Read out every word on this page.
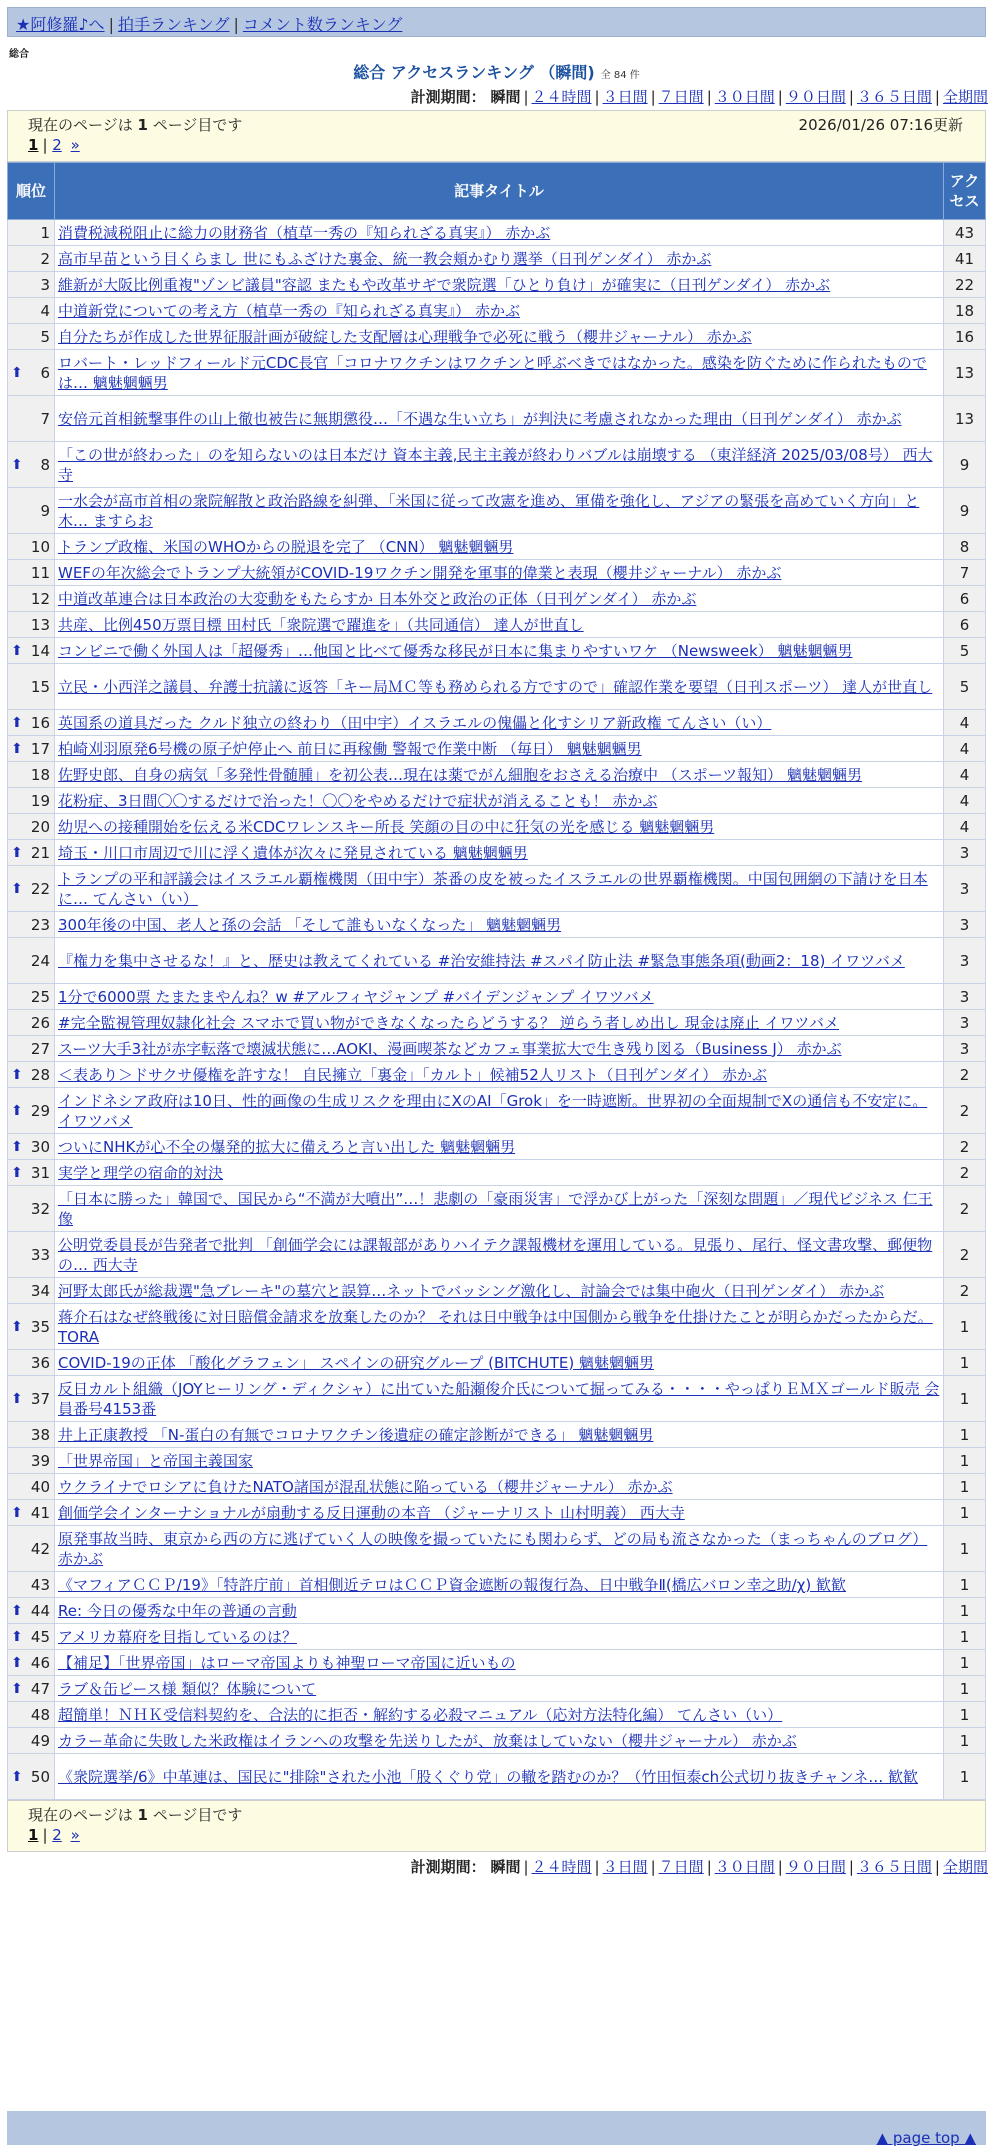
★阿修羅♪へ | 拍手ランキング | コメント数ランキング
総合
総合 アクセスランキング （瞬間) 全 84 件
計測期間： 瞬間 | ２４時間 | ３日間 | ７日間 | ３０日間 | ９０日間 | ３６５日間 | 全期間
現在のページは 1 ページ目です	2026/01/26 07:16更新
1 | 2 »
順位	記事タイトル	アクセス
1	消費税減税阻止に総力の財務省（植草一秀の『知られざる真実』） 赤かぶ	43
2	高市早苗という目くらまし 世にもふざけた裏金、統一教会頬かむり選挙（日刊ゲンダイ） 赤かぶ	41
3	維新が大阪比例重複"ゾンビ議員"容認 またもや改革サギで衆院選「ひとり負け」が確実に（日刊ゲンダイ） 赤かぶ	22
4	中道新党についての考え方（植草一秀の『知られざる真実』） 赤かぶ	18
5	自分たちが作成した世界征服計画が破綻した支配層は心理戦争で必死に戦う（櫻井ジャーナル） 赤かぶ	16

⬆ 6	ロバート・レッドフィールド元CDC長官「コロナワクチンはワクチンと呼ぶべきではなかった。感染を防ぐために作られたものでは… 魑魅魍魎男	13
7	安倍元首相銃撃事件の山上徹也被告に無期懲役…「不遇な生い立ち」が判決に考慮されなかった理由（日刊ゲンダイ） 赤かぶ	13

⬆ 8	「この世が終わった」のを知らないのは日本だけ 資本主義,民主主義が終わりバブルは崩壊する （東洋経済 2025/03/08号） 西大寺	9
9	一水会が高市首相の衆院解散と政治路線を糾弾、「米国に従って改憲を進め、軍備を強化し、アジアの緊張を高めていく方向」と木… ますらお	9
10	トランプ政権、米国のWHOからの脱退を完了 （CNN） 魑魅魍魎男	8
11	WEFの年次総会でトランプ大統領がCOVID-19ワクチン開発を軍事的偉業と表現（櫻井ジャーナル） 赤かぶ	7
12	中道改革連合は日本政治の大変動をもたらすか 日本外交と政治の正体（日刊ゲンダイ） 赤かぶ	6
13	共産、比例450万票目標 田村氏「衆院選で躍進を」（共同通信） 達人が世直し	6

⬆ 14	コンビニで働く外国人は「超優秀」…他国と比べて優秀な移民が日本に集まりやすいワケ （Newsweek） 魑魅魍魎男	5
15	立民・小西洋之議員、弁護士抗議に返答「キー局ＭＣ等も務められる方ですので」確認作業を要望（日刊スポーツ） 達人が世直し	5

⬆ 16	英国系の道具だった クルド独立の終わり（田中宇）イスラエルの傀儡と化すシリア新政権 てんさい（い）	4

⬆ 17	柏崎刈羽原発6号機の原子炉停止へ 前日に再稼働 警報で作業中断 （毎日） 魑魅魍魎男	4
18	佐野史郎、自身の病気「多発性骨髄腫」を初公表…現在は薬でがん細胞をおさえる治療中 （スポーツ報知） 魑魅魍魎男	4
19	花粉症、3日間〇〇するだけで治った！〇〇をやめるだけで症状が消えることも！ 赤かぶ	4
20	幼児への接種開始を伝える米CDCワレンスキー所長 笑顔の目の中に狂気の光を感じる 魑魅魍魎男	4

⬆ 21	埼玉・川口市周辺で川に浮く遺体が次々に発見されている 魑魅魍魎男	3

⬆ 22	トランプの平和評議会はイスラエル覇権機関（田中宇）茶番の皮を被ったイスラエルの世界覇権機関。中国包囲網の下請けを日本に… てんさい（い）	3
23	300年後の中国、老人と孫の会話 「そして誰もいなくなった」 魑魅魍魎男	3
24	『権力を集中させるな！』と、歴史は教えてくれている #治安維持法 #スパイ防止法 #緊急事態条項(動画2：18) イワツバメ	3
25	1分で6000票 たまたまやんね？w #アルフィヤジャンプ #バイデンジャンプ イワツバメ	3
26	#完全監視管理奴隷化社会 スマホで買い物ができなくなったらどうする？ 逆らう者しめ出し 現金は廃止 イワツバメ	3
27	スーツ大手3社が赤字転落で壊滅状態に…AOKI、漫画喫茶などカフェ事業拡大で生き残り図る（Business J） 赤かぶ	3

⬆ 28	＜表あり＞ドサクサ優権を許すな！ 自民擁立「裏金」「カルト」候補52人リスト（日刊ゲンダイ） 赤かぶ	2

⬆ 29	インドネシア政府は10日、性的画像の生成リスクを理由にXのAI「Grok」を一時遮断。世界初の全面規制でXの通信も不安定に。 イワツバメ	2

⬆ 30	ついにNHKが心不全の爆発的拡大に備えろと言い出した 魑魅魍魎男	2

⬆ 31	実学と理学の宿命的対決	2
32	「日本に勝った」韓国で、国民から“不満が大噴出”…！悲劇の「豪雨災害」で浮かび上がった「深刻な問題」／現代ビジネス 仁王像	2
33	公明党委員長が告発者で批判 「創価学会には課報部がありハイテク課報機材を運用している。見張り、尾行、怪文書攻撃、郵便物の… 西大寺	2
34	河野太郎氏が総裁選"急ブレーキ"の墓穴と誤算…ネットでバッシング激化し、討論会では集中砲火（日刊ゲンダイ） 赤かぶ	2

⬆ 35	蒋介石はなぜ終戦後に対日賠償金請求を放棄したのか？ それは日中戦争は中国側から戦争を仕掛けたことが明らかだったからだ。 TORA	1
36	COVID-19の正体 「酸化グラフェン」 スペインの研究グループ (BITCHUTE) 魑魅魍魎男	1

⬆ 37	反日カルト組織（JOYヒーリング・ディクシャ）に出ていた船瀬俊介氏について掘ってみる・・・・やっぱりＥＭＸゴールド販売 会員番号4153番	1
38	井上正康教授 「N-蛋白の有無でコロナワクチン後遺症の確定診断ができる」 魑魅魍魎男	1
39	「世界帝国」と帝国主義国家	1
40	ウクライナでロシアに負けたNATO諸国が混乱状態に陥っている（櫻井ジャーナル） 赤かぶ	1

⬆ 41	創価学会インターナショナルが扇動する反日運動の本音 （ジャーナリスト 山村明義） 西大寺	1
42	原発事故当時、東京から西の方に逃げていく人の映像を撮っていたにも関わらず、どの局も流さなかった（まっちゃんのブログ） 赤かぶ	1
43	《マフィアＣＣＰ/19》「特許庁前」首相側近テロはＣＣＰ資金遮断の報復行為、日中戦争Ⅱ(橋広バロン幸之助/χ) 歓歓	1

⬆ 44	Re: 今日の優秀な中年の普通の言動	1

⬆ 45	アメリカ幕府を目指しているのは？	1

⬆ 46	【補足】「世界帝国」はローマ帝国よりも神聖ローマ帝国に近いもの	1

⬆ 47	ラブ＆缶ピース様 類似？体験について	1
48	超簡単！ＮＨＫ受信料契約を、合法的に拒否・解約する必殺マニュアル（応対方法特化編） てんさい（い）	1
49	カラー革命に失敗した米政権はイランへの攻撃を先送りしたが、放棄はしていない（櫻井ジャーナル） 赤かぶ	1

⬆ 50	《衆院選挙/6》中革連は、国民に"排除"された小池「股くぐり党」の轍を踏むのか？（竹田恒泰ch公式切り抜きチャンネ… 歓歓	1
現在のページは 1 ページ目です
1 | 2 »
計測期間： 瞬間 | ２４時間 | ３日間 | ７日間 | ３０日間 | ９０日間 | ３６５日間 | 全期間
▲ page top ▲
